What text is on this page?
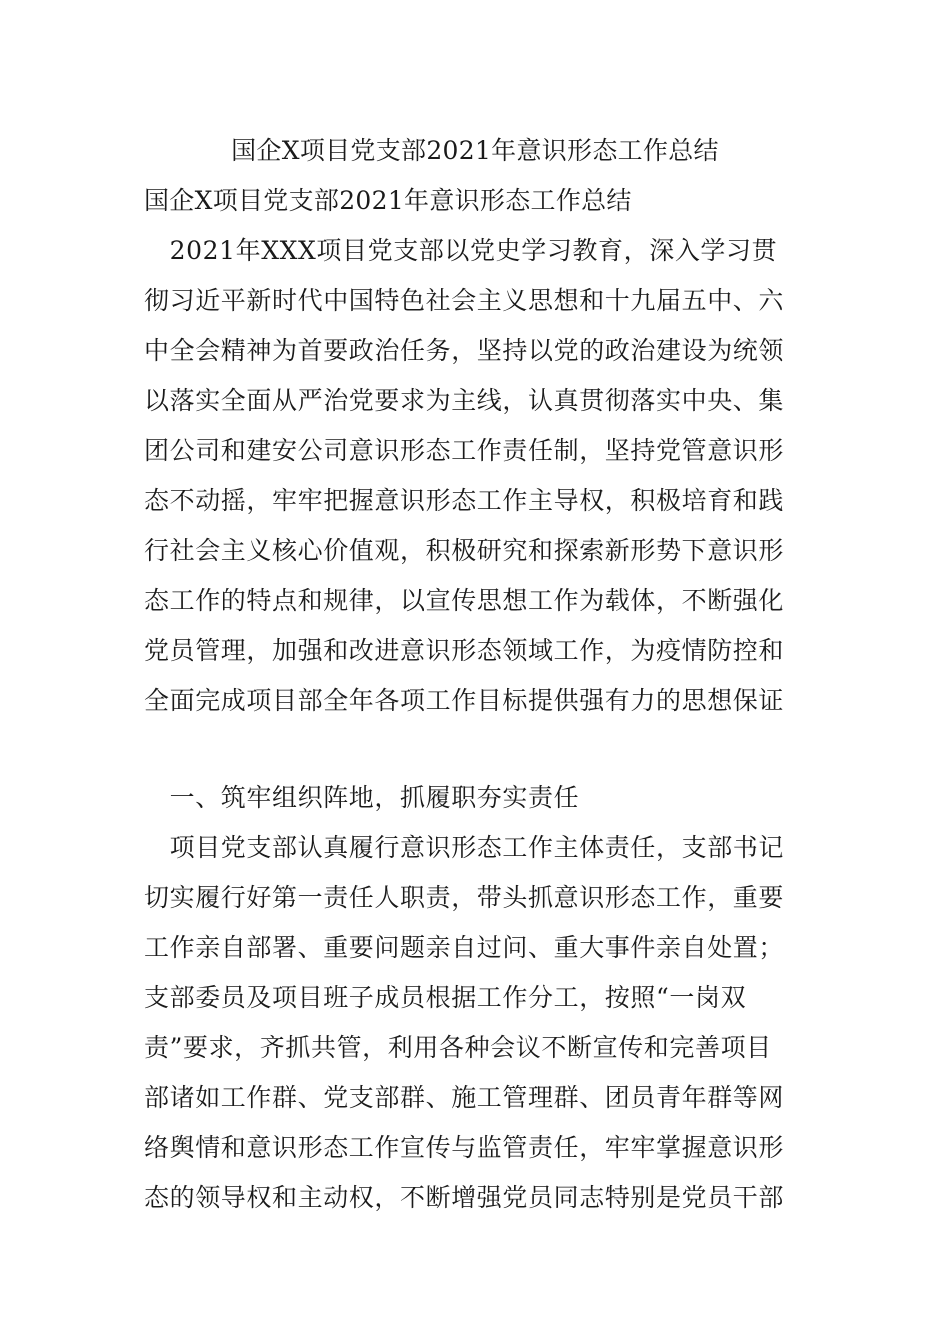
国企X项目党支部2021年意识形态工作总结
国企X项目党支部2021年意识形态工作总结
　2021年XXX项目党支部以党史学习教育，深入学习贯
彻习近平新时代中国特色社会主义思想和十九届五中、六
中全会精神为首要政治任务，坚持以党的政治建设为统领
以落实全面从严治党要求为主线，认真贯彻落实中央、集
团公司和建安公司意识形态工作责任制，坚持党管意识形
态不动摇，牢牢把握意识形态工作主导权，积极培育和践
行社会主义核心价值观，积极研究和探索新形势下意识形
态工作的特点和规律，以宣传思想工作为载体，不断强化
党员管理，加强和改进意识形态领域工作，为疫情防控和
全面完成项目部全年各项工作目标提供强有力的思想保证
　一、筑牢组织阵地，抓履职夯实责任
　项目党支部认真履行意识形态工作主体责任，支部书记
切实履行好第一责任人职责，带头抓意识形态工作，重要
工作亲自部署、重要问题亲自过问、重大事件亲自处置；
支部委员及项目班子成员根据工作分工，按照“一岗双
责”要求，齐抓共管，利用各种会议不断宣传和完善项目
部诸如工作群、党支部群、施工管理群、团员青年群等网
络舆情和意识形态工作宣传与监管责任，牢牢掌握意识形
态的领导权和主动权，不断增强党员同志特别是党员干部
